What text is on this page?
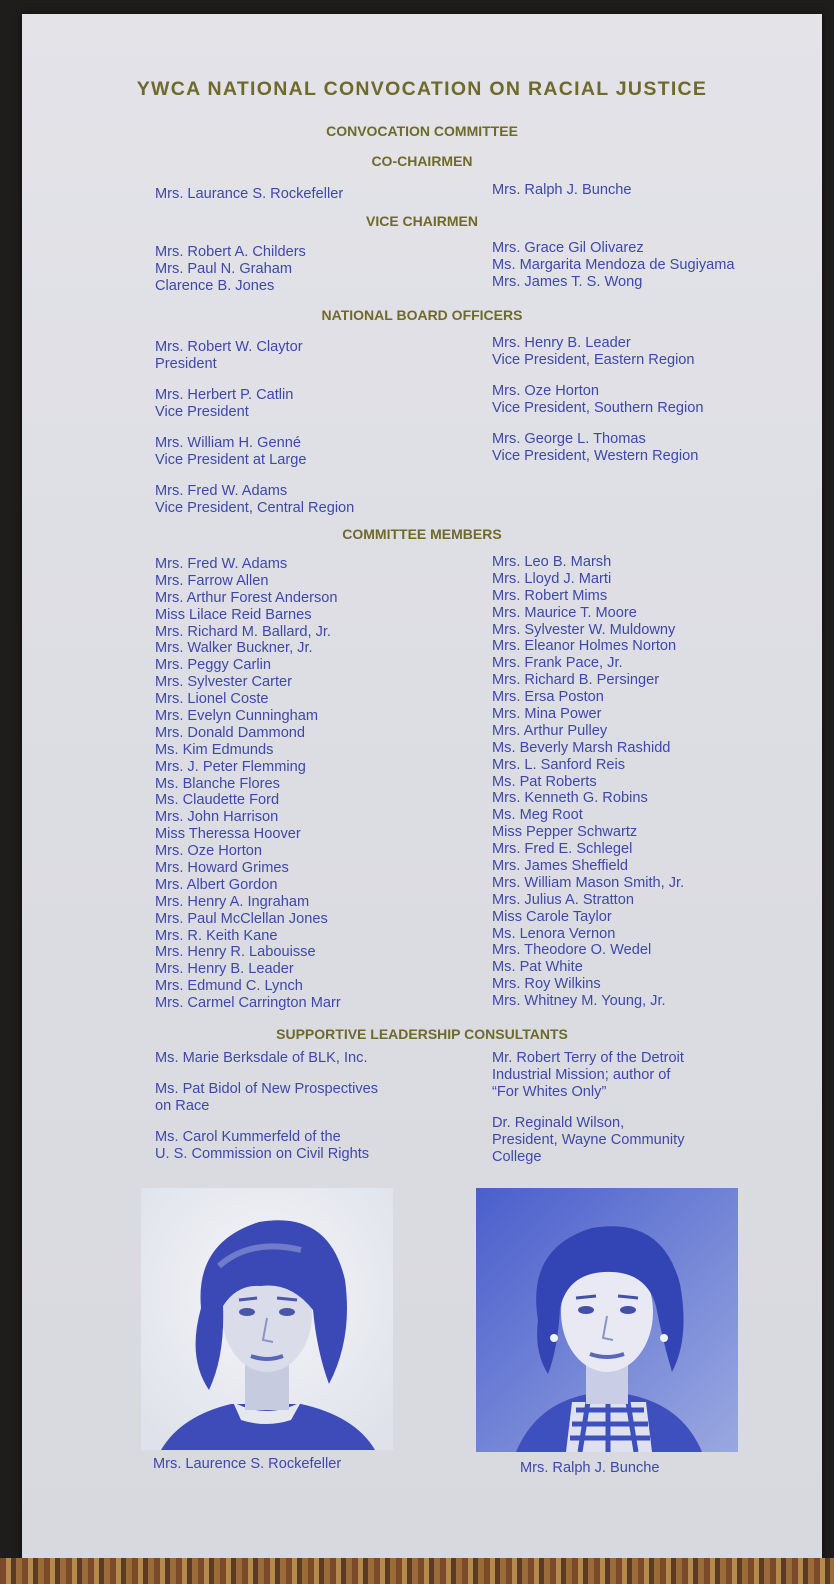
YWCA NATIONAL CONVOCATION ON RACIAL JUSTICE
CONVOCATION COMMITTEE
CO-CHAIRMEN
Mrs. Laurance S. Rockefeller	Mrs. Ralph J. Bunche
VICE CHAIRMEN
Mrs. Robert A. Childers
Mrs. Paul N. Graham
Clarence B. Jones
Mrs. Grace Gil Olivarez
Ms. Margarita Mendoza de Sugiyama
Mrs. James T. S. Wong
NATIONAL BOARD OFFICERS
Mrs. Robert W. Claytor
President
Mrs. Herbert P. Catlin
Vice President
Mrs. William H. Genné
Vice President at Large
Mrs. Fred W. Adams
Vice President, Central Region
Mrs. Henry B. Leader
Vice President, Eastern Region
Mrs. Oze Horton
Vice President, Southern Region
Mrs. George L. Thomas
Vice President, Western Region
COMMITTEE MEMBERS
Mrs. Fred W. Adams
Mrs. Farrow Allen
Mrs. Arthur Forest Anderson
Miss Lilace Reid Barnes
Mrs. Richard M. Ballard, Jr.
Mrs. Walker Buckner, Jr.
Mrs. Peggy Carlin
Mrs. Sylvester Carter
Mrs. Lionel Coste
Mrs. Evelyn Cunningham
Mrs. Donald Dammond
Ms. Kim Edmunds
Mrs. J. Peter Flemming
Ms. Blanche Flores
Ms. Claudette Ford
Mrs. John Harrison
Miss Theressa Hoover
Mrs. Oze Horton
Mrs. Howard Grimes
Mrs. Albert Gordon
Mrs. Henry A. Ingraham
Mrs. Paul McClellan Jones
Mrs. R. Keith Kane
Mrs. Henry R. Labouisse
Mrs. Henry B. Leader
Mrs. Edmund C. Lynch
Mrs. Carmel Carrington Marr
Mrs. Leo B. Marsh
Mrs. Lloyd J. Marti
Mrs. Robert Mims
Mrs. Maurice T. Moore
Mrs. Sylvester W. Muldowny
Mrs. Eleanor Holmes Norton
Mrs. Frank Pace, Jr.
Mrs. Richard B. Persinger
Mrs. Ersa Poston
Mrs. Mina Power
Mrs. Arthur Pulley
Ms. Beverly Marsh Rashidd
Mrs. L. Sanford Reis
Ms. Pat Roberts
Mrs. Kenneth G. Robins
Ms. Meg Root
Miss Pepper Schwartz
Mrs. Fred E. Schlegel
Mrs. James Sheffield
Mrs. William Mason Smith, Jr.
Mrs. Julius A. Stratton
Miss Carole Taylor
Ms. Lenora Vernon
Mrs. Theodore O. Wedel
Ms. Pat White
Mrs. Roy Wilkins
Mrs. Whitney M. Young, Jr.
SUPPORTIVE LEADERSHIP CONSULTANTS
Ms. Marie Berksdale of BLK, Inc.
Ms. Pat Bidol of New Prospectives
on Race
Ms. Carol Kummerfeld of the
U. S. Commission on Civil Rights
Mr. Robert Terry of the Detroit
Industrial Mission; author of
“For Whites Only”
Dr. Reginald Wilson,
President, Wayne Community
College
Mrs. Laurence S. Rockefeller	Mrs. Ralph J. Bunche
